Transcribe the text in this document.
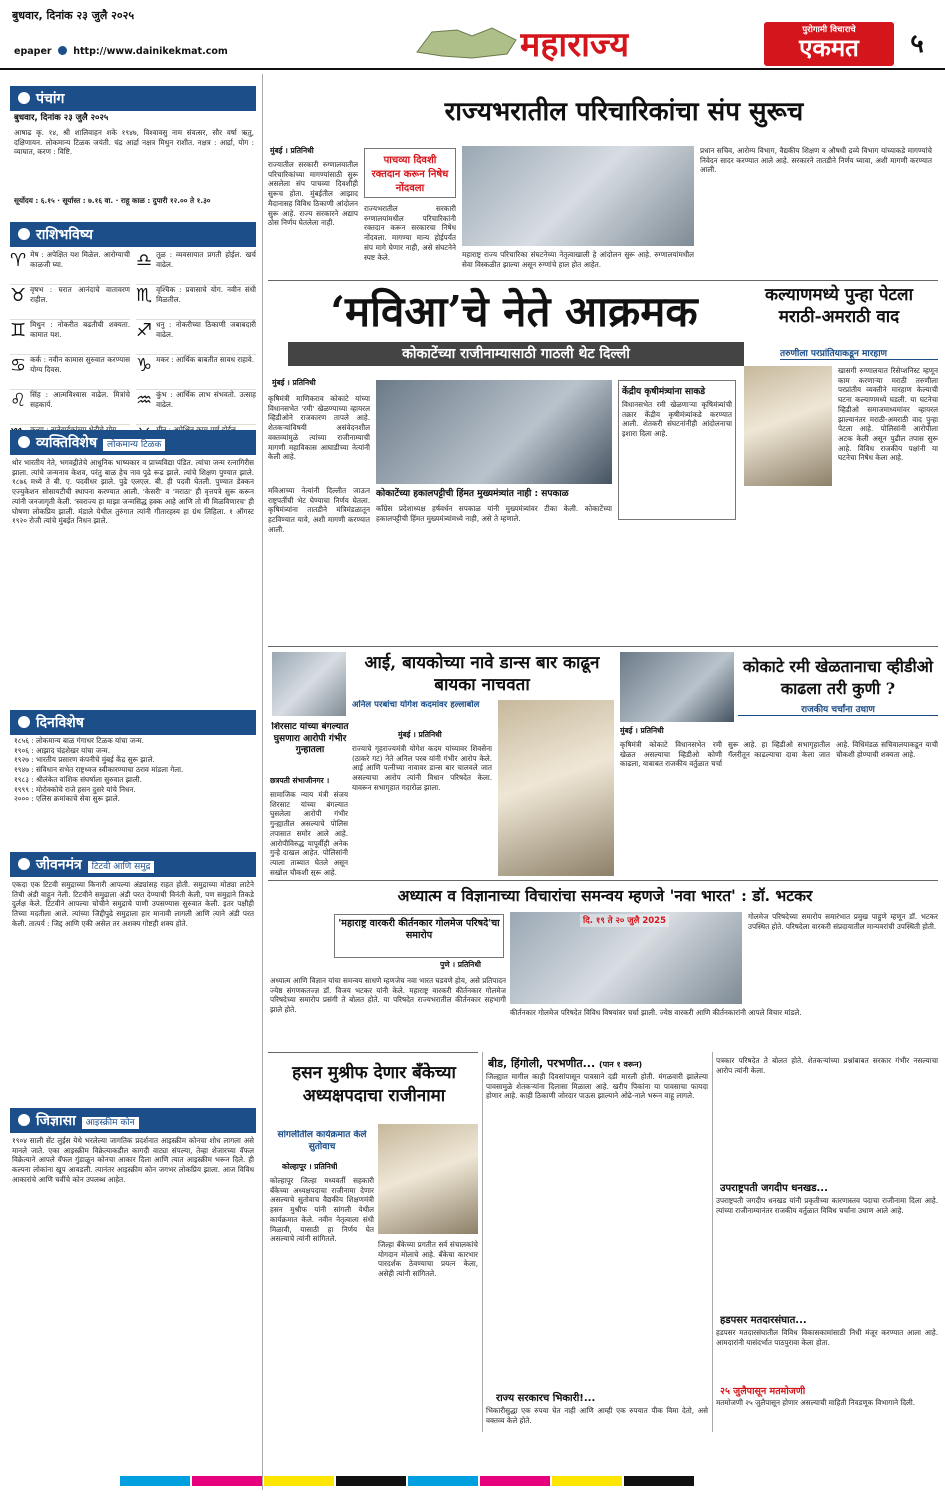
बुधवार, दिनांक २३ जुलै २०२५
epaper http://www.dainikekmat.com	महाराज्य	पुरोगामी विचाराचे
एकमत	५
पंचांग
बुधवार, दिनांक २३ जुलै २०२५
आषाढ कृ. १४, श्री शालिवाहन शके १९४७, विश्वावसु नाम संवत्सर, सौर वर्षा ऋतु, दक्षिणायन. लोकमान्य टिळक जयंती. चंद्र आर्द्रा नक्षत्र मिथुन राशीत. नक्षत्र : आर्द्रा, योग : व्याघात, करण : विष्टि.
सूर्योदय : ६.१५ · सूर्यास्त : ७.१६ वा. · राहू काळ : दुपारी १२.०० ते १.३०
राशिभविष्य
♈ मेष : अपेक्षित यश मिळेल. आरोग्याची काळजी घ्या.	♎ तूळ : व्यवसायात प्रगती होईल. खर्च वाढेल.
♉ वृषभ : घरात आनंदाचे वातावरण राहील.	♏ वृश्चिक : प्रवासाचे योग. नवीन संधी मिळतील.
♊ मिथुन : नोकरीत बढतीची शक्यता. कामात यश.	♐ धनु : नोकरीच्या ठिकाणी जबाबदारी वाढेल.
♋ कर्क : नवीन कामास सुरुवात करण्यास योग्य दिवस.	♑ मकर : आर्थिक बाबतीत सावध राहावे.
♌ सिंह : आत्मविश्वास वाढेल. मित्रांचे सहकार्य.	♒ कुंभ : आर्थिक लाभ संभवतो. उत्साह वाढेल.
व्यक्तिविशेष लोकमान्य टिळक
थोर भारतीय नेते, भगवद्गीतेचे आधुनिक भाष्यकार व प्राच्यविद्या पंडित. त्यांचा जन्म रत्नागिरीस झाला. त्यांचे जन्मनाव केशव, परंतु बाळ हेच नाव पुढे रूढ झाले. त्यांचे शिक्षण पुण्यात झाले. १८७६ मध्ये ते बी. ए. पदवीधर झाले. पुढे एलएल. बी. ही पदवी घेतली. पुण्यात डेक्कन एज्युकेशन सोसायटीची स्थापना करण्यात आली. 'केसरी' व 'मराठा' ही वृत्तपत्रे सुरू करून त्यांनी जनजागृती केली. 'स्वराज्य हा माझा जन्मसिद्ध हक्क आहे आणि तो मी मिळविणारच' ही घोषणा लोकप्रिय झाली. मंडाले येथील तुरुंगात त्यांनी गीतारहस्य हा ग्रंथ लिहिला. १ ऑगस्ट १९२० रोजी त्यांचे मुंबईत निधन झाले.
दिनविशेष
१८५६ : लोकमान्य बाळ गंगाधर टिळक यांचा जन्म.
१९०६ : आझाद चंद्रशेखर यांचा जन्म.
१९२७ : भारतीय प्रसारण कंपनीचे मुंबई केंद्र सुरू झाले.
१९४७ : संविधान सभेत राष्ट्रध्वज स्वीकारण्याचा ठराव मांडला गेला.
१९८३ : श्रीलंकेत वांशिक संघर्षाला सुरुवात झाली.
१९९९ : मोरोक्कोचे राजे हसन दुसरे यांचे निधन.
२००० : एलिस क्रमांकाचे सेवा सुरू झाले.
जीवनमंत्र टिटवी आणि समुद्र
एकदा एक टिटवी समुद्राच्या किनारी आपल्या अंड्यांसह राहत होती. समुद्राच्या मोठ्या लाटेने तिची अंडी वाहून नेली. टिटवीने समुद्राला अंडी परत देण्याची विनंती केली, पण समुद्राने तिकडे दुर्लक्ष केले. टिटवीने आपल्या चोचीने समुद्राचे पाणी उपसण्यास सुरुवात केली. इतर पक्षीही तिच्या मदतीला आले. त्यांच्या जिद्दीपुढे समुद्राला हार मानावी लागली आणि त्याने अंडी परत केली. तात्पर्य : जिद्द आणि एकी असेल तर अशक्य गोष्टही शक्य होते.
जिज्ञासा आइस्क्रीम कोन
१९०४ साली सेंट लुईस येथे भरलेल्या जागतिक प्रदर्शनात आइस्क्रीम कोनचा शोध लागला असे मानले जाते. एका आइस्क्रीम विक्रेत्याकडील कागदी वाट्या संपल्या, तेव्हा शेजारच्या वॅफल विक्रेत्याने आपले वॅफल गुंडाळून कोनचा आकार दिला आणि त्यात आइस्क्रीम भरून दिले. ही कल्पना लोकांना खूप आवडली. त्यानंतर आइस्क्रीम कोन जगभर लोकप्रिय झाला. आज विविध आकारांचे आणि चवींचे कोन उपलब्ध आहेत.
राज्यभरातील परिचारिकांचा संप सुरूच
मुंबई । प्रतिनिधी
राज्यातील सरकारी रुग्णालयातील परिचारिकांच्या मागण्यांसाठी सुरू असलेला संप पाचव्या दिवशीही सुरूच होता. मुंबईतील आझाद मैदानासह विविध ठिकाणी आंदोलन सुरू आहे. राज्य सरकारने अद्याप ठोस निर्णय घेतलेला नाही.
पाचव्या दिवशी रक्तदान करून निषेध नोंदवला
राज्यभरातील सरकारी रुग्णालयांमधील परिचारिकांनी रक्तदान करून सरकारचा निषेध नोंदवला. मागण्या मान्य होईपर्यंत संप मागे घेणार नाही, असे संघटनेने स्पष्ट केले.	महाराष्ट्र राज्य परिचारिका संघटनेच्या नेतृत्वाखाली हे आंदोलन सुरू आहे. रुग्णालयांमधील सेवा विस्कळीत झाल्या असून रुग्णांचे हाल होत आहेत.
प्रधान सचिव, आरोग्य विभाग, वैद्यकीय शिक्षण व औषधी द्रव्ये विभाग यांच्याकडे मागण्यांचे निवेदन सादर करण्यात आले आहे. सरकारने तातडीने निर्णय घ्यावा, अशी मागणी करण्यात आली.
‘मविआ’चे नेते आक्रमक
कोकाटेंच्या राजीनाम्यासाठी गाठली थेट दिल्ली
मुंबई । प्रतिनिधी
कृषिमंत्री माणिकराव कोकाटे यांच्या विधानसभेत 'रमी' खेळण्याच्या व्हायरल व्हिडीओने राजकारण तापले आहे. शेतकऱ्यांविषयी असंवेदनशील वक्तव्यांमुळे त्यांच्या राजीनाम्याची मागणी महाविकास आघाडीच्या नेत्यांनी केली आहे.
कोकाटेंच्या हकालपट्टीची हिंमत मुख्यमंत्र्यांत नाही : सपकाळ
केंद्रीय कृषीमंत्र्यांना साकडे
विधानसभेत रमी खेळणाऱ्या कृषिमंत्र्यांची तक्रार केंद्रीय कृषीमंत्र्यांकडे करण्यात आली. शेतकरी संघटनांनीही आंदोलनाचा इशारा दिला आहे.
मविआच्या नेत्यांनी दिल्लीत जाऊन राष्ट्रपतींची भेट घेण्याचा निर्णय घेतला. कृषिमंत्र्यांना तातडीने मंत्रिमंडळातून हटविण्यात यावे, अशी मागणी करण्यात आली.
काँग्रेस प्रदेशाध्यक्ष हर्षवर्धन सपकाळ यांनी मुख्यमंत्र्यांवर टीका केली. कोकाटेंच्या हकालपट्टीची हिंमत मुख्यमंत्र्यांमध्ये नाही, असे ते म्हणाले.
कल्याणमध्ये पुन्हा पेटला मराठी-अमराठी वाद
तरुणीला परप्रांतियाकडून मारहाण
खासगी रुग्णालयात रिसेप्शनिस्ट म्हणून काम करणाऱ्या मराठी तरुणीला परप्रांतीय व्यक्तीने मारहाण केल्याची घटना कल्याणमध्ये घडली. या घटनेचा व्हिडीओ समाजमाध्यमांवर व्हायरल झाल्यानंतर मराठी-अमराठी वाद पुन्हा पेटला आहे. पोलिसांनी आरोपीला अटक केली असून पुढील तपास सुरू आहे. विविध राजकीय पक्षांनी या घटनेचा निषेध केला आहे.
आई, बायकोच्या नावे डान्स बार काढून बायका नाचवता
अनिल परबांचा योगेश कदमांवर हल्लाबोल
मुंबई । प्रतिनिधी
राज्याचे गृहराज्यमंत्री योगेश कदम यांच्यावर शिवसेना (ठाकरे गट) नेते अनिल परब यांनी गंभीर आरोप केले. आई आणि पत्नीच्या नावावर डान्स बार चालवले जात असल्याचा आरोप त्यांनी विधान परिषदेत केला. यावरून सभागृहात गदारोळ झाला.
शिरसाट यांच्या बंगल्यात घुसणारा आरोपी गंभीर गुन्हातला
छत्रपती संभाजीनगर ।
सामाजिक न्याय मंत्री संजय शिरसाट यांच्या बंगल्यात घुसलेला आरोपी गंभीर गुन्ह्यातील असल्याचे पोलिस तपासात समोर आले आहे. आरोपीविरुद्ध यापूर्वीही अनेक गुन्हे दाखल आहेत. पोलिसांनी त्याला ताब्यात घेतले असून सखोल चौकशी सुरू आहे.
मुंबई । प्रतिनिधी
कोकाटे रमी खेळतानाचा व्हीडीओ काढला तरी कुणी ?
राजकीय चर्चांना उधाण
कृषिमंत्री कोकाटे विधानसभेत रमी खेळत असल्याचा व्हिडीओ कोणी काढला, याबाबत राजकीय वर्तुळात चर्चा सुरू आहे. हा व्हिडीओ सभागृहातील गॅलरीतून काढल्याचा दावा केला जात आहे. विधिमंडळ सचिवालयाकडून याची चौकशी होण्याची शक्यता आहे.
अध्यात्म व विज्ञानाच्या विचारांचा समन्वय म्हणजे 'नवा भारत' : डॉ. भटकर
'महाराष्ट्र वारकरी कीर्तनकार गोलमेज परिषदे'चा समारोप
पुणे । प्रतिनिधी
दि. १९ ते २० जुलै 2025
अध्यात्म आणि विज्ञान यांचा समन्वय साधणे म्हणजेच नवा भारत घडवणे होय, असे प्रतिपादन ज्येष्ठ संगणकतज्ज्ञ डॉ. विजय भटकर यांनी केले. महाराष्ट्र वारकरी कीर्तनकार गोलमेज परिषदेच्या समारोप प्रसंगी ते बोलत होते. या परिषदेत राज्यभरातील कीर्तनकार सहभागी झाले होते.	कीर्तनकार गोलमेज परिषदेत विविध विषयांवर चर्चा झाली. ज्येष्ठ वारकरी आणि कीर्तनकारांनी आपले विचार मांडले.
गोलमेज परिषदेच्या समारोप समारंभात प्रमुख पाहुणे म्हणून डॉ. भटकर उपस्थित होते. परिषदेला वारकरी संप्रदायातील मान्यवरांची उपस्थिती होती.
हसन मुश्रीफ देणार बँकेच्या अध्यक्षपदाचा राजीनामा
सांगलीतील कार्यक्रमात केले सुतोवाच
कोल्हापूर । प्रतिनिधी
कोल्हापूर जिल्हा मध्यवर्ती सहकारी बँकेच्या अध्यक्षपदाचा राजीनामा देणार असल्याचे सुतोवाच वैद्यकीय शिक्षणमंत्री हसन मुश्रीफ यांनी सांगली येथील कार्यक्रमात केले. नवीन नेतृत्वाला संधी मिळावी, यासाठी हा निर्णय घेत असल्याचे त्यांनी सांगितले.
जिल्हा बँकेच्या प्रगतीत सर्व संचालकांचे योगदान मोलाचे आहे. बँकेचा कारभार पारदर्शक ठेवण्याचा प्रयत्न केला, असेही त्यांनी सांगितले.
बीड, हिंगोली, परभणीत... (पान १ वरून)
जिल्ह्यात मागील काही दिवसांपासून पावसाने दडी मारली होती. मंगळवारी झालेल्या पावसामुळे शेतकऱ्यांना दिलासा मिळाला आहे. खरीप पिकांना या पावसाचा फायदा होणार आहे. काही ठिकाणी जोरदार पाऊस झाल्याने ओढे-नाले भरून वाहू लागले.
राज्य सरकारच भिकारी!...
भिकारीसुद्धा एक रुपया घेत नाही आणि आम्ही एक रुपयात पीक विमा देतो, असे वक्तव्य केले होते.
पत्रकार परिषदेत ते बोलत होते. शेतकऱ्यांच्या प्रश्नांबाबत सरकार गंभीर नसल्याचा आरोप त्यांनी केला.
उपराष्ट्रपती जगदीप धनखड...
उपराष्ट्रपती जगदीप धनखड यांनी प्रकृतीच्या कारणास्तव पदाचा राजीनामा दिला आहे. त्यांच्या राजीनाम्यानंतर राजकीय वर्तुळात विविध चर्चांना उधाण आले आहे.
हडपसर मतदारसंघात...
हडपसर मतदारसंघातील विविध विकासकामांसाठी निधी मंजूर करण्यात आला आहे. आमदारांनी यासंदर्भात पाठपुरावा केला होता.
२५ जुलैपासून मतमोजणी
मतमोजणी २५ जुलैपासून होणार असल्याची माहिती निवडणूक विभागाने दिली.
